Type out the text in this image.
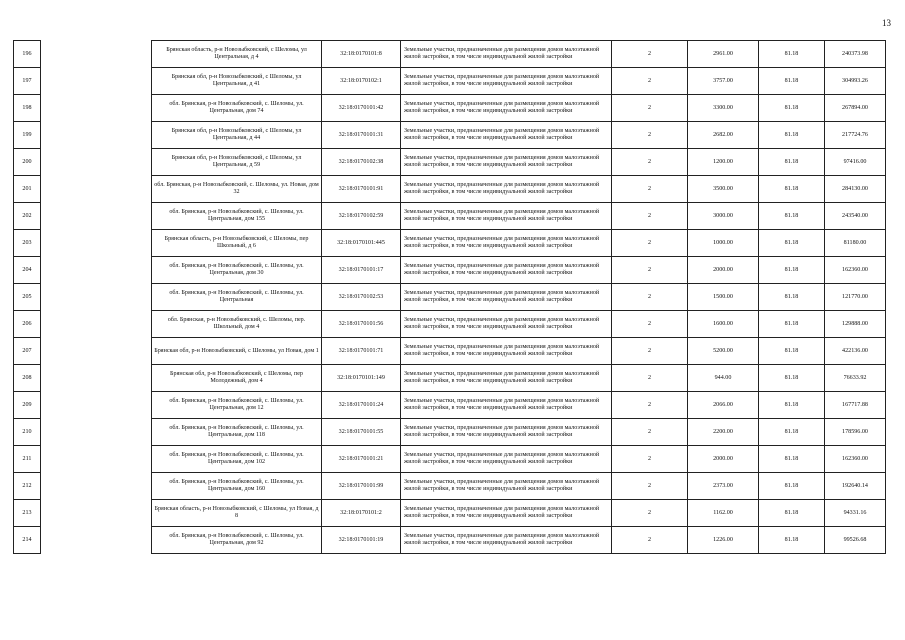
13
196		Брянская область, р-н Новозыбковский, с Шеломы, ул Центральная, д 4	32:18:0170101:8	Земельные участки, предназначенные для размещения домов малоэтажной жилой застройки, в том числе индивидуальной жилой застройки	2	2961.00	81.18	240373.98
197		Брянская обл, р-н Новозыбковский, с Шеломы, ул Центральная, д 41	32:18:0170102:1	Земельные участки, предназначенные для размещения домов малоэтажной жилой застройки, в том числе индивидуальной жилой застройки	2	3757.00	81.18	304993.26
198		обл. Брянская, р-н Новозыбковский, с. Шеломы, ул. Центральная, дом 74	32:18:0170101:42	Земельные участки, предназначенные для размещения домов малоэтажной жилой застройки, в том числе индивидуальной жилой застройки	2	3300.00	81.18	267894.00
199		Брянская обл, р-н Новозыбковский, с Шеломы, ул Центральная, д 44	32:18:0170101:31	Земельные участки, предназначенные для размещения домов малоэтажной жилой застройки, в том числе индивидуальной жилой застройки	2	2682.00	81.18	217724.76
200		Брянская обл, р-н Новозыбковский, с Шеломы, ул Центральная, д 59	32:18:0170102:38	Земельные участки, предназначенные для размещения домов малоэтажной жилой застройки, в том числе индивидуальной жилой застройки	2	1200.00	81.18	97416.00
201		обл. Брянская, р-н Новозыбковский, с. Шеломы, ул. Новая, дом 32	32:18:0170101:91	Земельные участки, предназначенные для размещения домов малоэтажной жилой застройки, в том числе индивидуальной жилой застройки	2	3500.00	81.18	284130.00
202		обл. Брянская, р-н Новозыбковский, с. Шеломы, ул. Центральная, дом 155	32:18:0170102:59	Земельные участки, предназначенные для размещения домов малоэтажной жилой застройки, в том числе индивидуальной жилой застройки	2	3000.00	81.18	243540.00
203		Брянская область, р-н Новозыбковский, с Шеломы, пер Школьный, д 6	32:18:0170101:445	Земельные участки, предназначенные для размещения домов малоэтажной жилой застройки, в том числе индивидуальной жилой застройки	2	1000.00	81.18	81180.00
204		обл. Брянская, р-н Новозыбковский, с. Шеломы, ул. Центральная, дом 30	32:18:0170101:17	Земельные участки, предназначенные для размещения домов малоэтажной жилой застройки, в том числе индивидуальной жилой застройки	2	2000.00	81.18	162360.00
205		обл. Брянская, р-н Новозыбковский, с. Шеломы, ул. Центральная	32:18:0170102:53	Земельные участки, предназначенные для размещения домов малоэтажной жилой застройки, в том числе индивидуальной жилой застройки	2	1500.00	81.18	121770.00
206		обл. Брянская, р-н Новозыбковский, с. Шеломы, пер. Школьный, дом 4	32:18:0170101:56	Земельные участки, предназначенные для размещения домов малоэтажной жилой застройки, в том числе индивидуальной жилой застройки	2	1600.00	81.18	129888.00
207		Брянская обл, р-н Новозыбковский, с Шеломы, ул Новая, дом 1	32:18:0170101:71	Земельные участки, предназначенные для размещения домов малоэтажной жилой застройки, в том числе индивидуальной жилой застройки	2	5200.00	81.18	422136.00
208		Брянская обл, р-н Новозыбковский, с Шеломы, пер Молодежный, дом 4	32:18:0170101:149	Земельные участки, предназначенные для размещения домов малоэтажной жилой застройки, в том числе индивидуальной жилой застройки	2	944.00	81.18	76633.92
209		обл. Брянская, р-н Новозыбковский, с. Шеломы, ул. Центральная, дом 12	32:18:0170101:24	Земельные участки, предназначенные для размещения домов малоэтажной жилой застройки, в том числе индивидуальной жилой застройки	2	2066.00	81.18	167717.88
210		обл. Брянская, р-н Новозыбковский, с. Шеломы, ул. Центральная, дом 118	32:18:0170101:55	Земельные участки, предназначенные для размещения домов малоэтажной жилой застройки, в том числе индивидуальной жилой застройки	2	2200.00	81.18	178596.00
211		обл. Брянская, р-н Новозыбковский, с. Шеломы, ул. Центральная, дом 102	32:18:0170101:21	Земельные участки, предназначенные для размещения домов малоэтажной жилой застройки, в том числе индивидуальной жилой застройки	2	2000.00	81.18	162360.00
212		обл. Брянская, р-н Новозыбковский, с. Шеломы, ул. Центральная, дом 160	32:18:0170101:99	Земельные участки, предназначенные для размещения домов малоэтажной жилой застройки, в том числе индивидуальной жилой застройки	2	2373.00	81.18	192640.14
213		Брянская область, р-н Новозыбковский, с Шеломы, ул Новая, д 8	32:18:0170101:2	Земельные участки, предназначенные для размещения домов малоэтажной жилой застройки, в том числе индивидуальной жилой застройки	2	1162.00	81.18	94331.16
214		обл. Брянская, р-н Новозыбковский, с. Шеломы, ул. Центральная, дом 92	32:18:0170101:19	Земельные участки, предназначенные для размещения домов малоэтажной жилой застройки, в том числе индивидуальной жилой застройки	2	1226.00	81.18	99526.68
